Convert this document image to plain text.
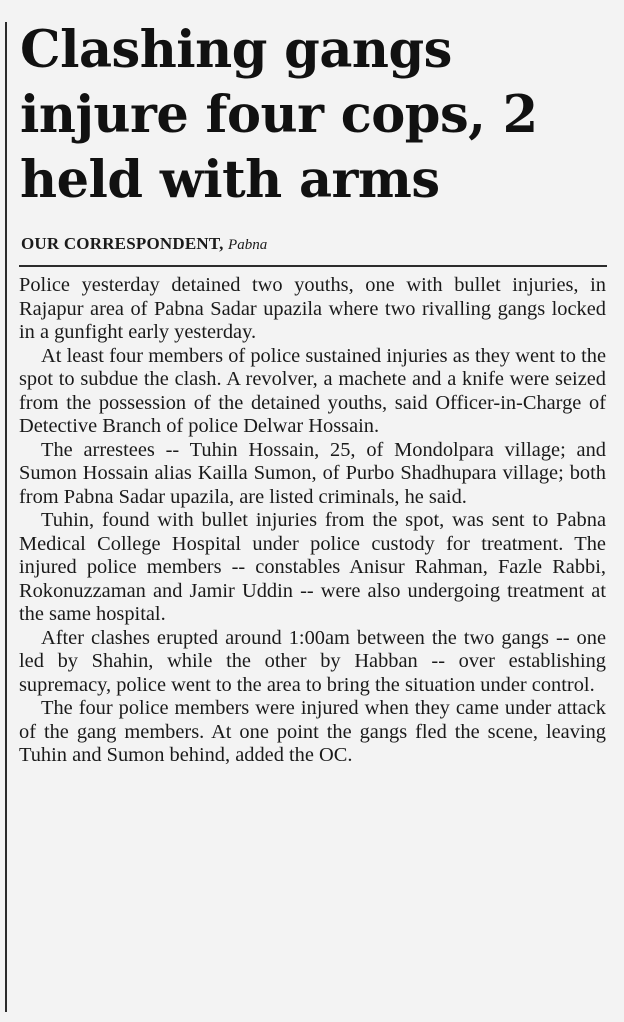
Clashing gangs injure four cops, 2 held with arms
OUR CORRESPONDENT, Pabna

Police yesterday detained two youths, one with bullet injuries, in Rajapur area of Pabna Sadar upazila where two rivalling gangs locked in a gunfight early yesterday.

At least four members of police sustained injuries as they went to the spot to subdue the clash. A revolver, a machete and a knife were seized from the possession of the detained youths, said Officer-in-Charge of Detective Branch of police Delwar Hossain.

The arrestees -- Tuhin Hossain, 25, of Mondolpara village; and Sumon Hossain alias Kailla Sumon, of Purbo Shadhupara village; both from Pabna Sadar upazila, are listed criminals, he said.

Tuhin, found with bullet injuries from the spot, was sent to Pabna Medical College Hospital under police custody for treatment. The injured police members -- constables Anisur Rahman, Fazle Rabbi, Rokonuzzaman and Jamir Uddin -- were also undergoing treatment at the same hospital.

After clashes erupted around 1:00am between the two gangs -- one led by Shahin, while the other by Habban -- over establishing supremacy, police went to the area to bring the situation under control.

The four police members were injured when they came under attack of the gang members. At one point the gangs fled the scene, leaving Tuhin and Sumon behind, added the OC.
